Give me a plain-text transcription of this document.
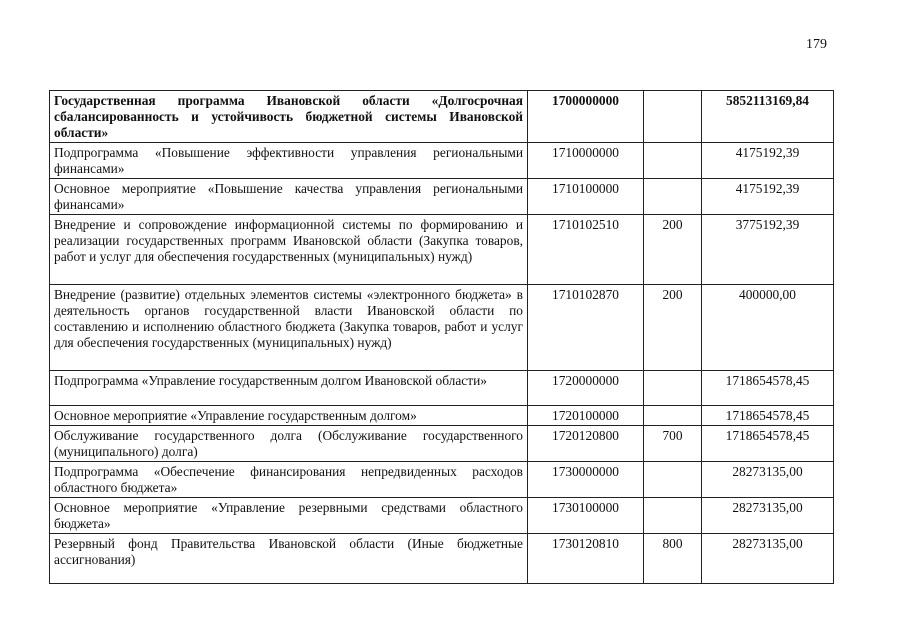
179
Государственная программа Ивановской области «Долгосрочная сбалансированность и устойчивость бюджетной системы Ивановской области»	1700000000		5852113169,84
Подпрограмма «Повышение эффективности управления региональными финансами»	1710000000		4175192,39
Основное мероприятие «Повышение качества управления региональными финансами»	1710100000		4175192,39
Внедрение и сопровождение информационной системы по формированию и реализации государственных программ Ивановской области (Закупка товаров, работ и услуг для обеспечения государственных (муниципальных) нужд)	1710102510	200	3775192,39
Внедрение (развитие) отдельных элементов системы «электронного бюджета» в деятельность органов государственной власти Ивановской области по составлению и исполнению областного бюджета (Закупка товаров, работ и услуг для обеспечения государственных (муниципальных) нужд)	1710102870	200	400000,00
Подпрограмма «Управление государственным долгом Ивановской области»	1720000000		1718654578,45
Основное мероприятие «Управление государственным долгом»	1720100000		1718654578,45
Обслуживание государственного долга (Обслуживание государственного (муниципального) долга)	1720120800	700	1718654578,45
Подпрограмма «Обеспечение финансирования непредвиденных расходов областного бюджета»	1730000000		28273135,00
Основное мероприятие «Управление резервными средствами областного бюджета»	1730100000		28273135,00
Резервный фонд Правительства Ивановской области (Иные бюджетные ассигнования)	1730120810	800	28273135,00
